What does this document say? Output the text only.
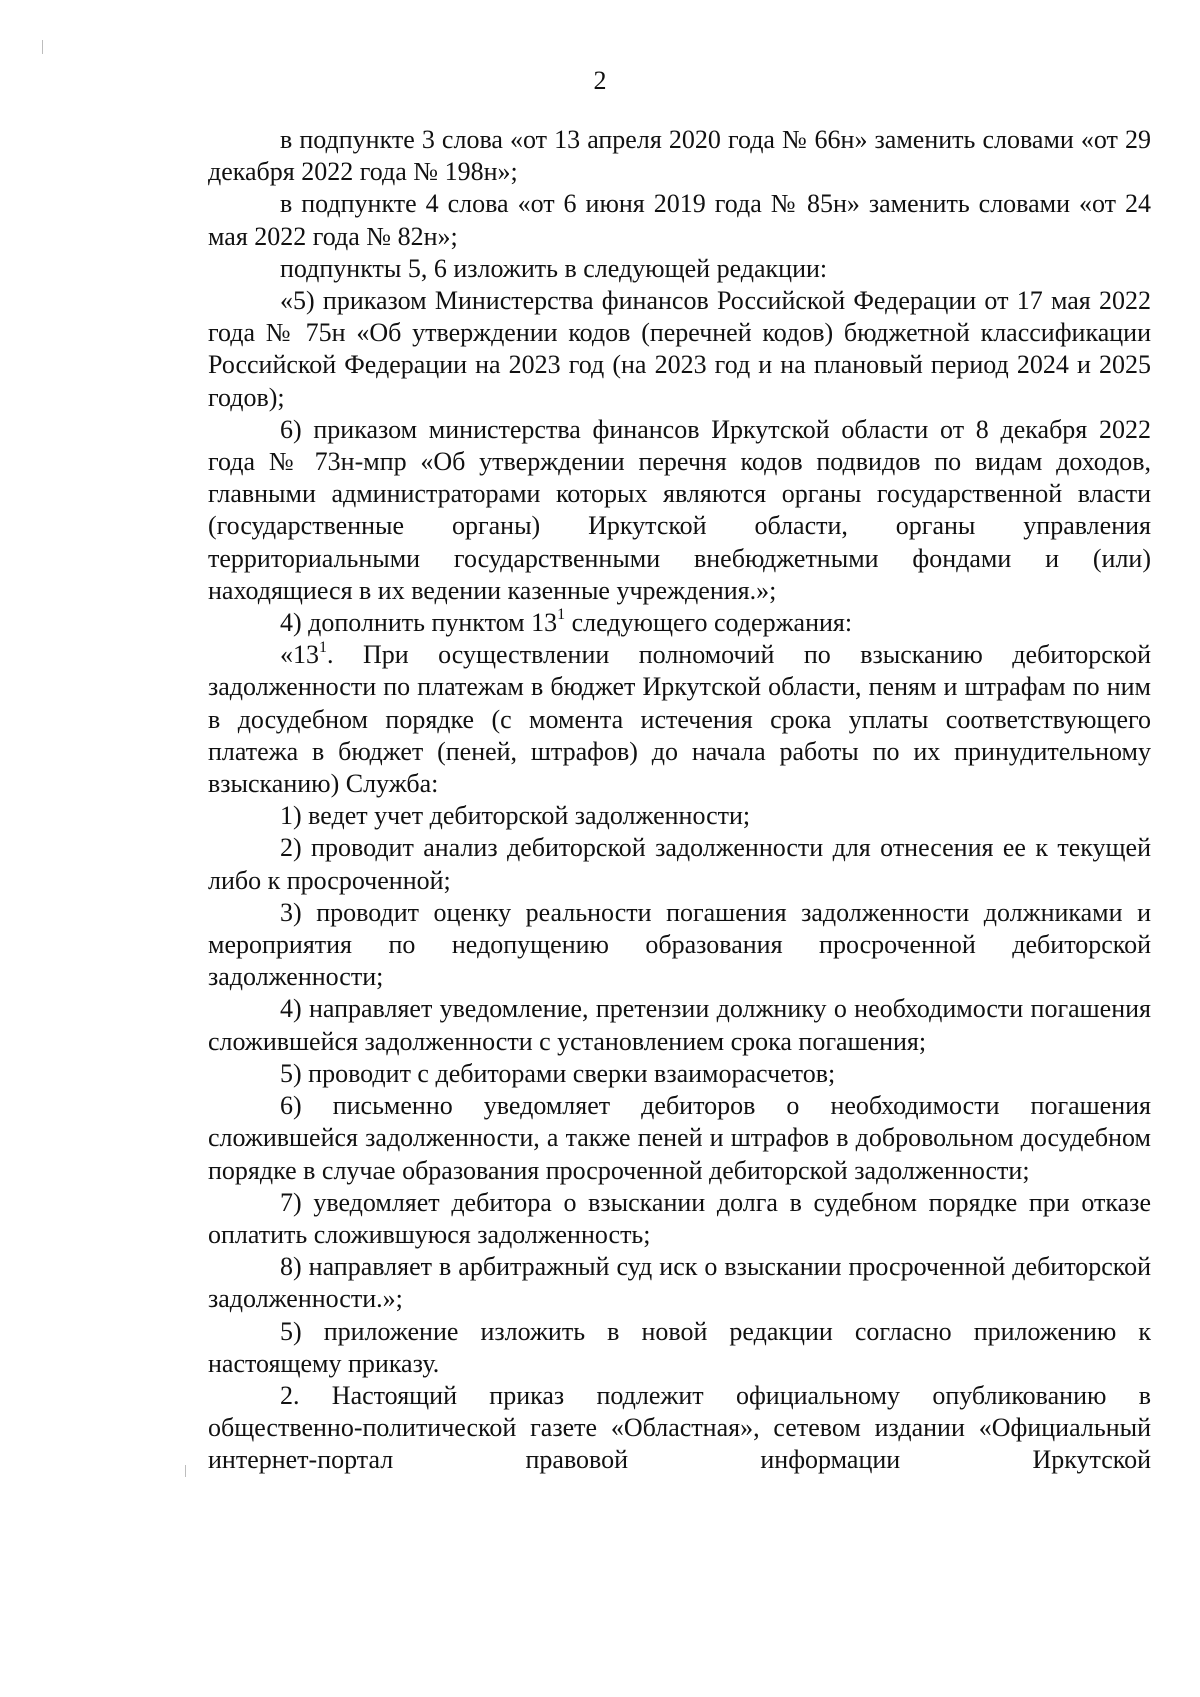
2

в подпункте 3 слова «от 13 апреля 2020 года № 66н» заменить словами «от 29 декабря 2022 года № 198н»;

в подпункте 4 слова «от 6 июня 2019 года № 85н» заменить словами «от 24 мая 2022 года № 82н»;

подпункты 5, 6 изложить в следующей редакции:

«5) приказом Министерства финансов Российской Федерации от 17 мая 2022 года № 75н «Об утверждении кодов (перечней кодов) бюджетной классификации Российской Федерации на 2023 год (на 2023 год и на плановый период 2024 и 2025 годов);

6) приказом министерства финансов Иркутской области от 8 декабря 2022 года № 73н-мпр «Об утверждении перечня кодов подвидов по видам доходов, главными администраторами которых являются органы государственной власти (государственные органы) Иркутской области, органы управления территориальными государственными внебюджетными фондами и (или) находящиеся в их ведении казенные учреждения.»;

4) дополнить пунктом $13^1$ следующего содержания:

«$13^1$. При осуществлении полномочий по взысканию дебиторской задолженности по платежам в бюджет Иркутской области, пеням и штрафам по ним в досудебном порядке (с момента истечения срока уплаты соответствующего платежа в бюджет (пеней, штрафов) до начала работы по их принудительному взысканию) Служба:

1) ведет учет дебиторской задолженности;

2) проводит анализ дебиторской задолженности для отнесения ее к текущей либо к просроченной;

3) проводит оценку реальности погашения задолженности должниками и мероприятия по недопущению образования просроченной дебиторской задолженности;

4) направляет уведомление, претензии должнику о необходимости погашения сложившейся задолженности с установлением срока погашения;

5) проводит с дебиторами сверки взаиморасчетов;

6) письменно уведомляет дебиторов о необходимости погашения сложившейся задолженности, а также пеней и штрафов в добровольном досудебном порядке в случае образования просроченной дебиторской задолженности;

7) уведомляет дебитора о взыскании долга в судебном порядке при отказе оплатить сложившуюся задолженность;

8) направляет в арбитражный суд иск о взыскании просроченной дебиторской задолженности.»;

5) приложение изложить в новой редакции согласно приложению к настоящему приказу.

2. Настоящий приказ подлежит официальному опубликованию в общественно-политической газете «Областная», сетевом издании «Официальный интернет-портал правовой информации Иркутской
